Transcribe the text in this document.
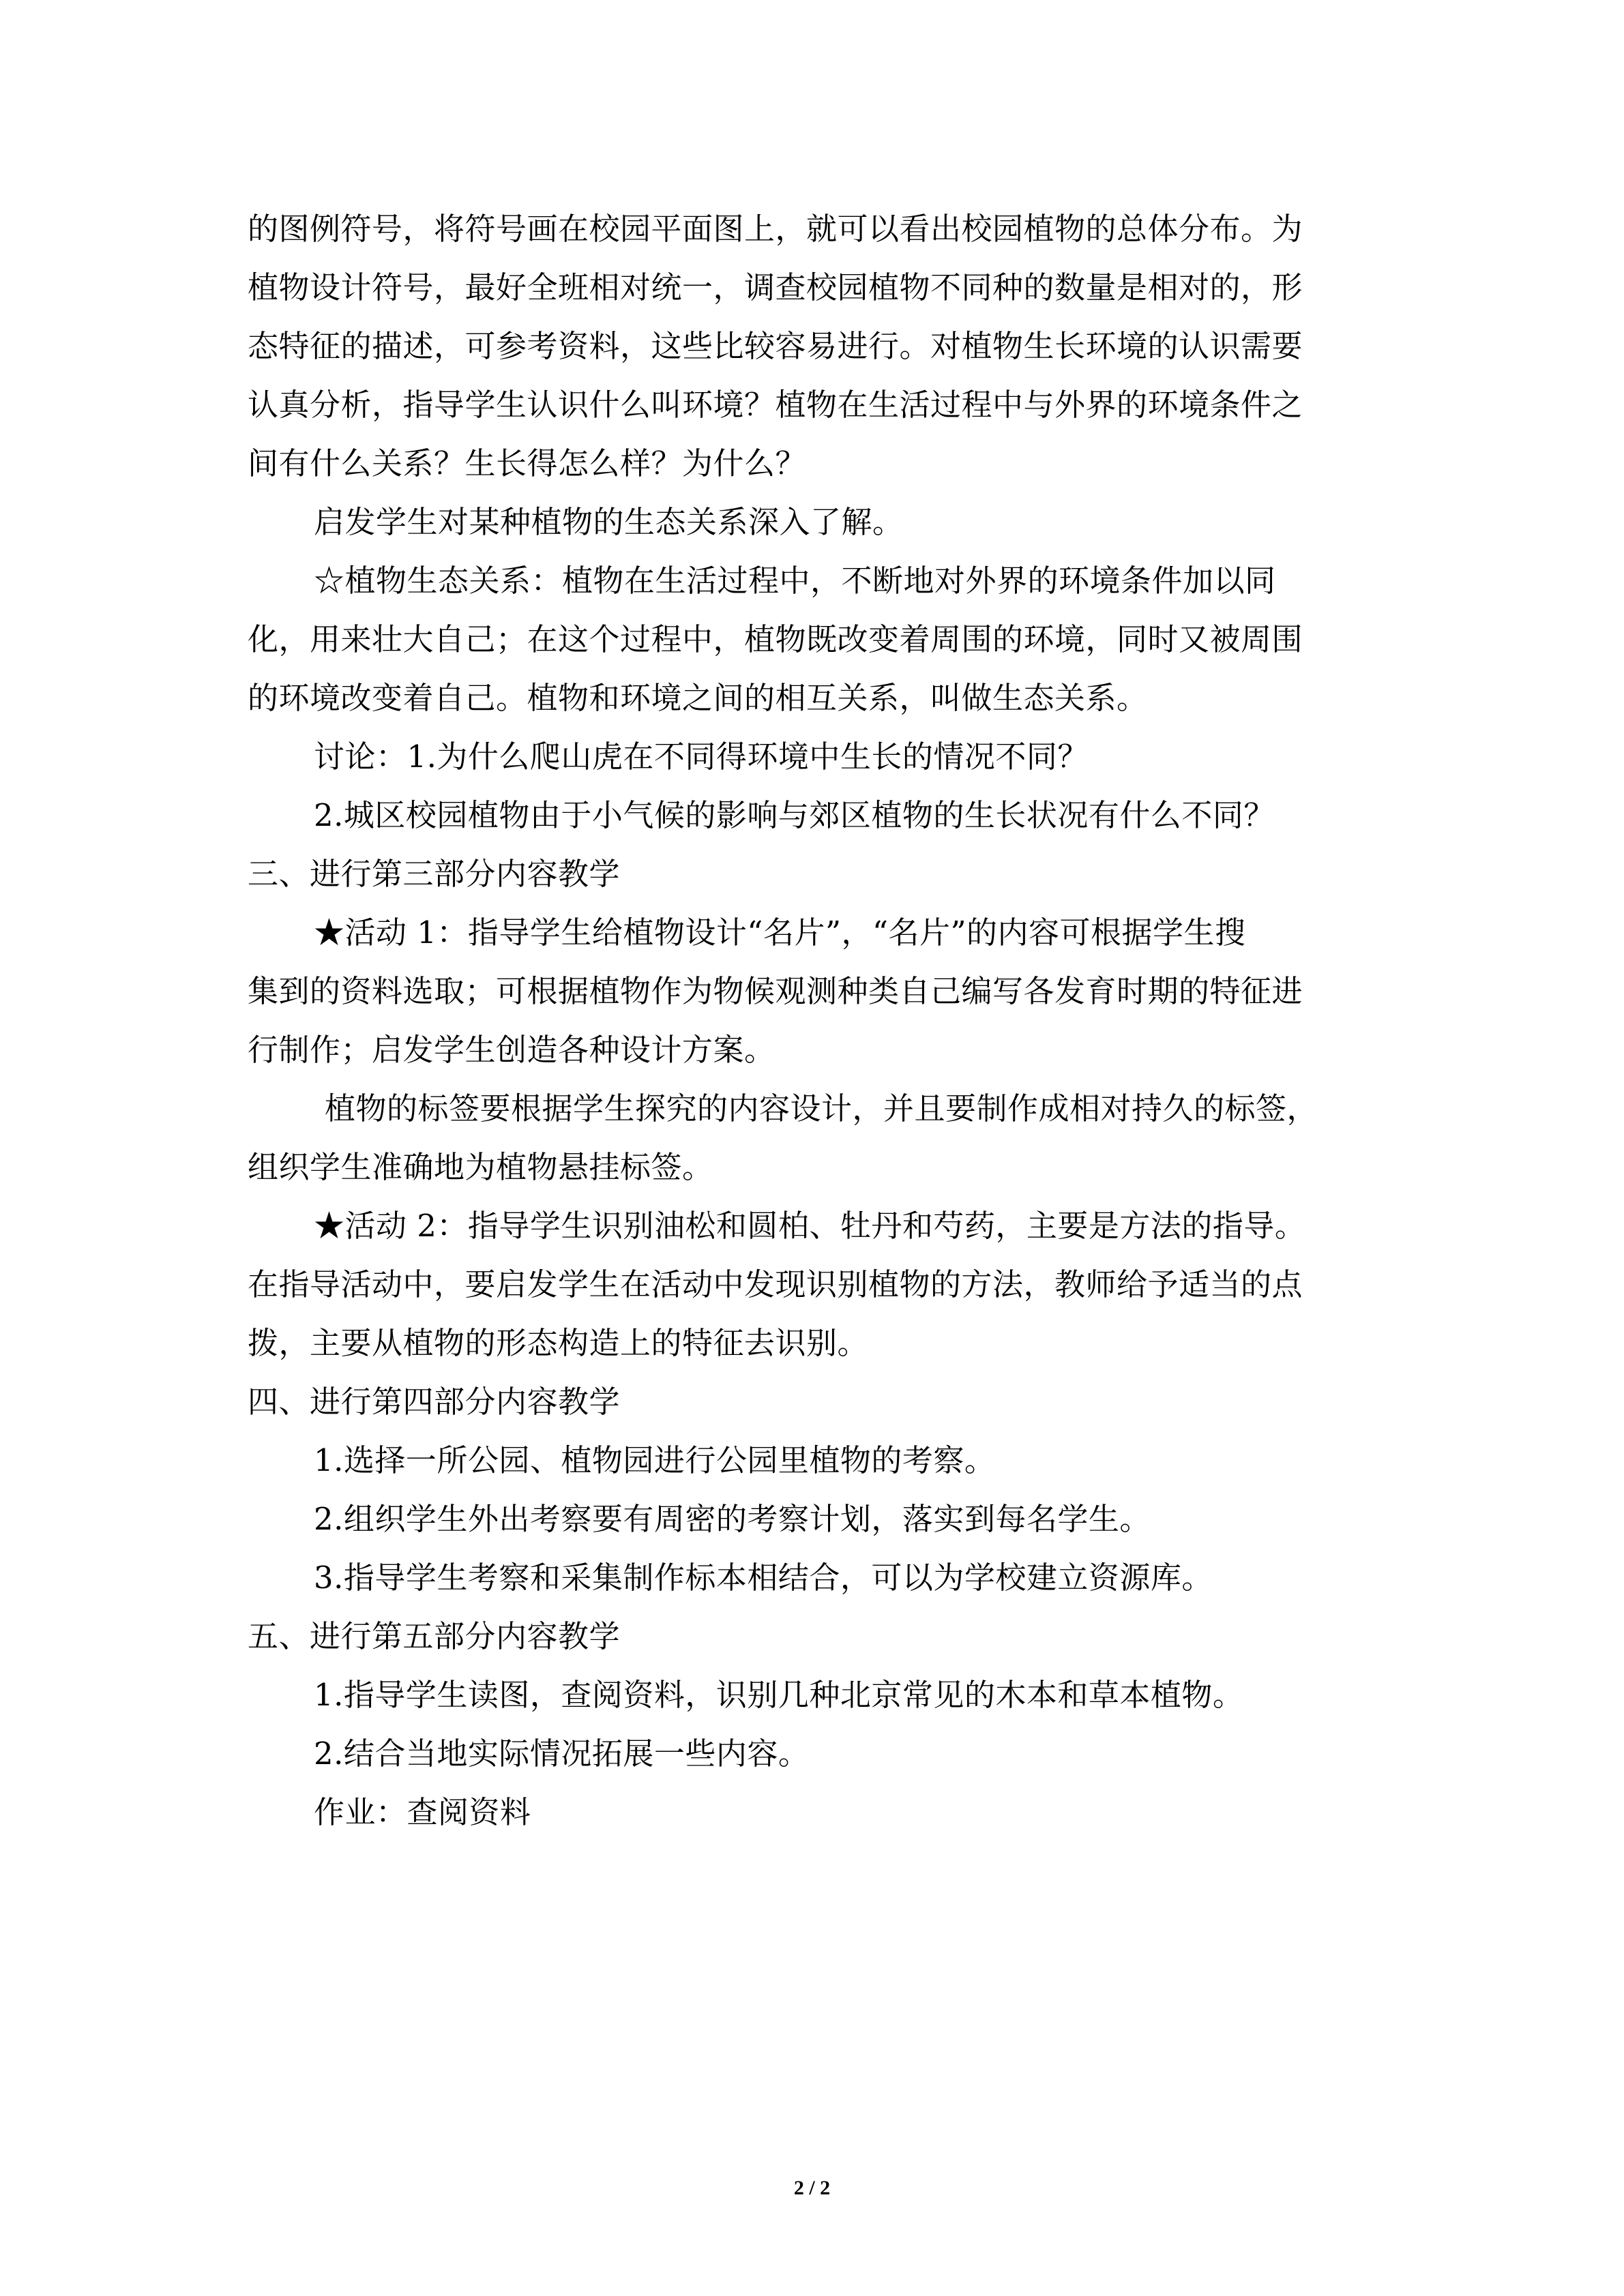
的图例符号，将符号画在校园平面图上，就可以看出校园植物的总体分布。为
植物设计符号，最好全班相对统一，调查校园植物不同种的数量是相对的，形
态特征的描述，可参考资料，这些比较容易进行。对植物生长环境的认识需要
认真分析，指导学生认识什么叫环境？植物在生活过程中与外界的环境条件之
间有什么关系？生长得怎么样？为什么？
启发学生对某种植物的生态关系深入了解。
☆植物生态关系：植物在生活过程中，不断地对外界的环境条件加以同
化，用来壮大自己；在这个过程中，植物既改变着周围的环境，同时又被周围
的环境改变着自己。植物和环境之间的相互关系，叫做生态关系。
讨论：1.为什么爬山虎在不同得环境中生长的情况不同？
2.城区校园植物由于小气候的影响与郊区植物的生长状况有什么不同？
三、进行第三部分内容教学
★活动 1：指导学生给植物设计“名片”，“名片”的内容可根据学生搜
集到的资料选取；可根据植物作为物候观测种类自己编写各发育时期的特征进
行制作；启发学生创造各种设计方案。
植物的标签要根据学生探究的内容设计，并且要制作成相对持久的标签，
组织学生准确地为植物悬挂标签。
★活动 2：指导学生识别油松和圆柏、牡丹和芍药，主要是方法的指导。
在指导活动中，要启发学生在活动中发现识别植物的方法，教师给予适当的点
拨，主要从植物的形态构造上的特征去识别。
四、进行第四部分内容教学
1.选择一所公园、植物园进行公园里植物的考察。
2.组织学生外出考察要有周密的考察计划，落实到每名学生。
3.指导学生考察和采集制作标本相结合，可以为学校建立资源库。
五、进行第五部分内容教学
1.指导学生读图，查阅资料，识别几种北京常见的木本和草本植物。
2.结合当地实际情况拓展一些内容。
作业：查阅资料
2 / 2
